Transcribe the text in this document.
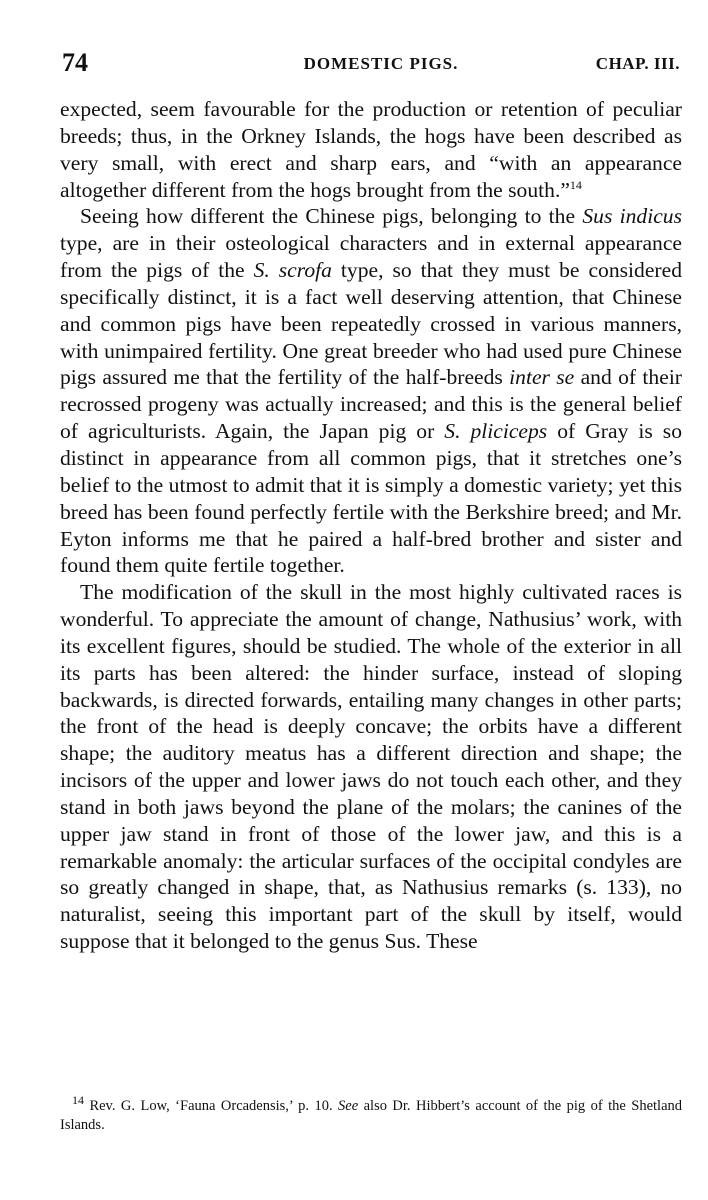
74	DOMESTIC PIGS.	CHAP. III.

expected, seem favourable for the production or retention of peculiar breeds; thus, in the Orkney Islands, the hogs have been described as very small, with erect and sharp ears, and “with an appearance altogether different from the hogs brought from the south.”$^{14}$

Seeing how different the Chinese pigs, belonging to the Sus indicus type, are in their osteological characters and in external appearance from the pigs of the S. scrofa type, so that they must be considered specifically distinct, it is a fact well deserving attention, that Chinese and common pigs have been repeatedly crossed in various manners, with unimpaired fertility. One great breeder who had used pure Chinese pigs assured me that the fertility of the half-breeds inter se and of their recrossed progeny was actually increased; and this is the general belief of agriculturists. Again, the Japan pig or S. pliciceps of Gray is so distinct in appearance from all common pigs, that it stretches one’s belief to the utmost to admit that it is simply a domestic variety; yet this breed has been found perfectly fertile with the Berkshire breed; and Mr. Eyton informs me that he paired a half-bred brother and sister and found them quite fertile together.

The modification of the skull in the most highly cultivated races is wonderful. To appreciate the amount of change, Nathusius’ work, with its excellent figures, should be studied. The whole of the exterior in all its parts has been altered: the hinder surface, instead of sloping backwards, is directed forwards, entailing many changes in other parts; the front of the head is deeply concave; the orbits have a different shape; the auditory meatus has a different direction and shape; the incisors of the upper and lower jaws do not touch each other, and they stand in both jaws beyond the plane of the molars; the canines of the upper jaw stand in front of those of the lower jaw, and this is a remarkable anomaly: the articular surfaces of the occipital condyles are so greatly changed in shape, that, as Nathusius remarks (s. 133), no naturalist, seeing this important part of the skull by itself, would suppose that it belonged to the genus Sus. These

$^{14}$ Rev. G. Low, ‘Fauna Orcadensis,’ p. 10. See also Dr. Hibbert’s account of the pig of the Shetland Islands.
